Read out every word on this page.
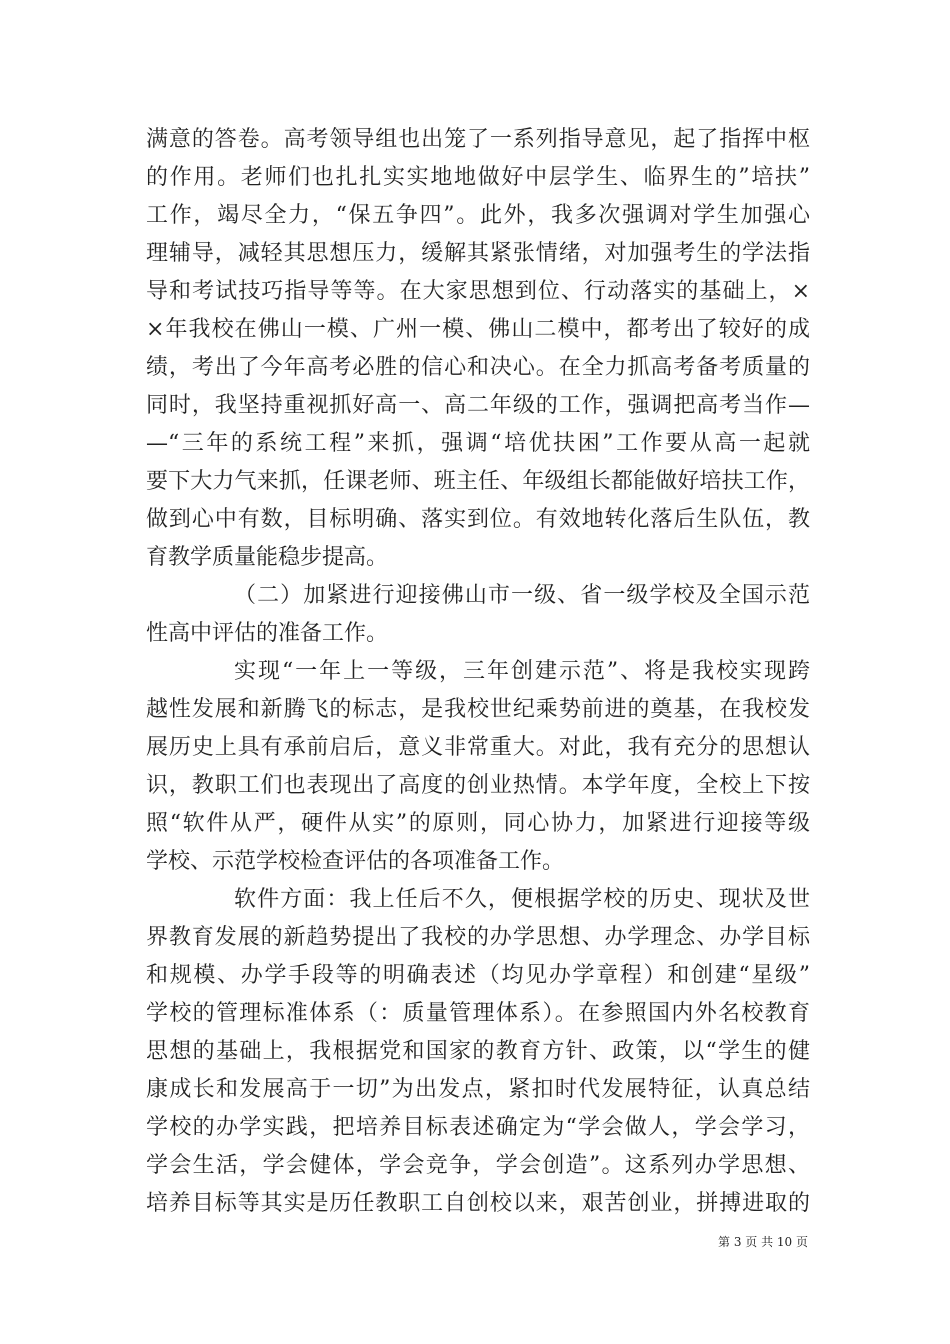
满意的答卷。高考领导组也出笼了一系列指导意见，起了指挥中枢
的作用。老师们也扎扎实实地地做好中层学生、临界生的”培扶”
工作，竭尽全力，“保五争四”。此外，我多次强调对学生加强心
理辅导，减轻其思想压力，缓解其紧张情绪，对加强考生的学法指
导和考试技巧指导等等。在大家思想到位、行动落实的基础上，×
×年我校在佛山一模、广州一模、佛山二模中，都考出了较好的成
绩，考出了今年高考必胜的信心和决心。在全力抓高考备考质量的
同时，我坚持重视抓好高一、高二年级的工作，强调把高考当作—
—“三年的系统工程”来抓，强调“培优扶困”工作要从高一起就
要下大力气来抓，任课老师、班主任、年级组长都能做好培扶工作，
做到心中有数，目标明确、落实到位。有效地转化落后生队伍，教
育教学质量能稳步提高。
（二）加紧进行迎接佛山市一级、省一级学校及全国示范
性高中评估的准备工作。
实现“一年上一等级，三年创建示范”、将是我校实现跨
越性发展和新腾飞的标志，是我校世纪乘势前进的奠基，在我校发
展历史上具有承前启后，意义非常重大。对此，我有充分的思想认
识，教职工们也表现出了高度的创业热情。本学年度，全校上下按
照“软件从严，硬件从实”的原则，同心协力，加紧进行迎接等级
学校、示范学校检查评估的各项准备工作。
软件方面：我上任后不久，便根据学校的历史、现状及世
界教育发展的新趋势提出了我校的办学思想、办学理念、办学目标
和规模、办学手段等的明确表述（均见办学章程）和创建“星级”
学校的管理标准体系（：质量管理体系）。在参照国内外名校教育
思想的基础上，我根据党和国家的教育方针、政策，以“学生的健
康成长和发展高于一切”为出发点，紧扣时代发展特征，认真总结
学校的办学实践，把培养目标表述确定为“学会做人，学会学习，
学会生活，学会健体，学会竞争，学会创造”。这系列办学思想、
培养目标等其实是历任教职工自创校以来，艰苦创业，拼搏进取的
第 3 页 共 10 页
